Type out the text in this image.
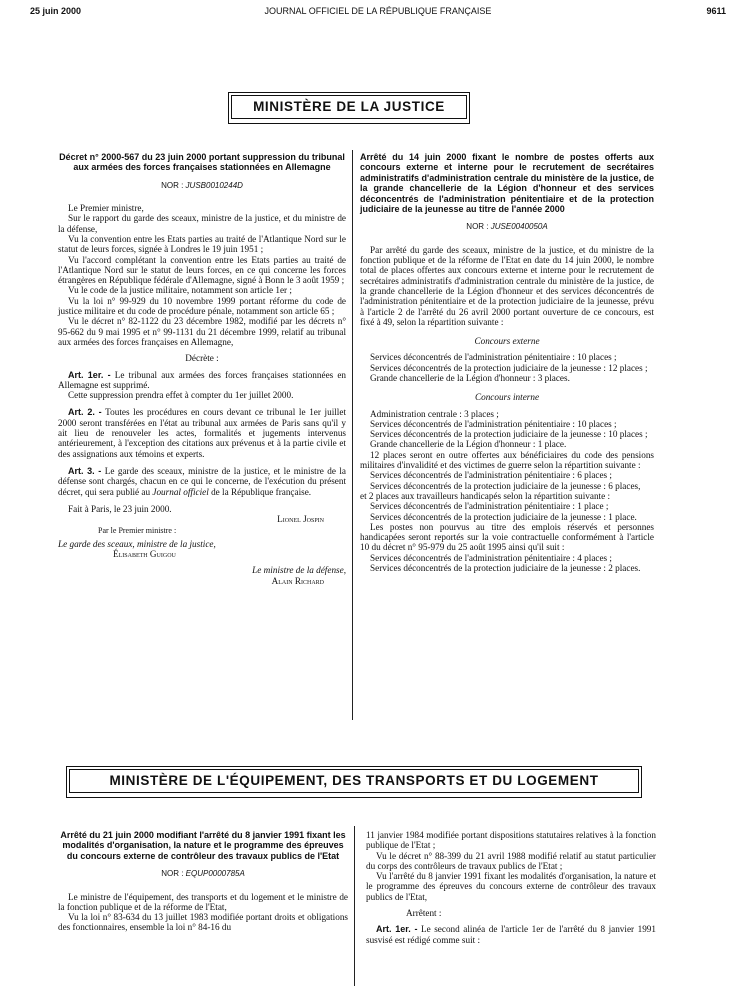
25 juin 2000	JOURNAL OFFICIEL DE LA RÉPUBLIQUE FRANÇAISE	9611
MINISTÈRE DE LA JUSTICE
Décret n° 2000-567 du 23 juin 2000 portant suppression du tribunal aux armées des forces françaises stationnées en Allemagne
NOR : JUSB0010244D

Le Premier ministre,

Sur le rapport du garde des sceaux, ministre de la justice, et du ministre de la défense,

Vu la convention entre les Etats parties au traité de l'Atlantique Nord sur le statut de leurs forces, signée à Londres le 19 juin 1951 ;

Vu l'accord complétant la convention entre les Etats parties au traité de l'Atlantique Nord sur le statut de leurs forces, en ce qui concerne les forces étrangères en République fédérale d'Allemagne, signé à Bonn le 3 août 1959 ;

Vu le code de la justice militaire, notamment son article 1er ;

Vu la loi n° 99-929 du 10 novembre 1999 portant réforme du code de justice militaire et du code de procédure pénale, notamment son article 65 ;

Vu le décret n° 82-1122 du 23 décembre 1982, modifié par les décrets n° 95-662 du 9 mai 1995 et n° 99-1131 du 21 décembre 1999, relatif au tribunal aux armées des forces françaises en Allemagne,

Décrète :

Art. 1er. - Le tribunal aux armées des forces françaises stationnées en Allemagne est supprimé.

Cette suppression prendra effet à compter du 1er juillet 2000.

Art. 2. - Toutes les procédures en cours devant ce tribunal le 1er juillet 2000 seront transférées en l'état au tribunal aux armées de Paris sans qu'il y ait lieu de renouveler les actes, formalités et jugements intervenus antérieurement, à l'exception des citations aux prévenus et à la partie civile et des assignations aux témoins et experts.

Art. 3. - Le garde des sceaux, ministre de la justice, et le ministre de la défense sont chargés, chacun en ce qui le concerne, de l'exécution du présent décret, qui sera publié au Journal officiel de la République française.

Fait à Paris, le 23 juin 2000.

Lionel Jospin

Par le Premier ministre :

Le garde des sceaux, ministre de la justice,

Élisabeth Guigou

Le ministre de la défense,

Alain Richard

Arrêté du 14 juin 2000 fixant le nombre de postes offerts aux concours externe et interne pour le recrutement de secrétaires administratifs d'administration centrale du ministère de la justice, de la grande chancellerie de la Légion d'honneur et des services déconcentrés de l'administration pénitentiaire et de la protection judiciaire de la jeunesse au titre de l'année 2000
NOR : JUSE0040050A

Par arrêté du garde des sceaux, ministre de la justice, et du ministre de la fonction publique et de la réforme de l'Etat en date du 14 juin 2000, le nombre total de places offertes aux concours externe et interne pour le recrutement de secrétaires administratifs d'administration centrale du ministère de la justice, de la grande chancellerie de la Légion d'honneur et des services déconcentrés de l'administration pénitentiaire et de la protection judiciaire de la jeunesse, prévu à l'article 2 de l'arrêté du 26 avril 2000 portant ouverture de ce concours, est fixé à 49, selon la répartition suivante :

Concours externe

Services déconcentrés de l'administration pénitentiaire : 10 places ;

Services déconcentrés de la protection judiciaire de la jeunesse : 12 places ;

Grande chancellerie de la Légion d'honneur : 3 places.

Concours interne

Administration centrale : 3 places ;

Services déconcentrés de l'administration pénitentiaire : 10 places ;

Services déconcentrés de la protection judiciaire de la jeunesse : 10 places ;

Grande chancellerie de la Légion d'honneur : 1 place.

12 places seront en outre offertes aux bénéficiaires du code des pensions militaires d'invalidité et des victimes de guerre selon la répartition suivante :

Services déconcentrés de l'administration pénitentiaire : 6 places ;

Services déconcentrés de la protection judiciaire de la jeunesse : 6 places,

et 2 places aux travailleurs handicapés selon la répartition suivante :

Services déconcentrés de l'administration pénitentiaire : 1 place ;

Services déconcentrés de la protection judiciaire de la jeunesse : 1 place.

Les postes non pourvus au titre des emplois réservés et personnes handicapées seront reportés sur la voie contractuelle conformément à l'article 10 du décret n° 95-979 du 25 août 1995 ainsi qu'il suit :

Services déconcentrés de l'administration pénitentiaire : 4 places ;

Services déconcentrés de la protection judiciaire de la jeunesse : 2 places.

MINISTÈRE DE L'ÉQUIPEMENT, DES TRANSPORTS ET DU LOGEMENT
Arrêté du 21 juin 2000 modifiant l'arrêté du 8 janvier 1991 fixant les modalités d'organisation, la nature et le programme des épreuves du concours externe de contrôleur des travaux publics de l'Etat
NOR : EQUP0000785A

Le ministre de l'équipement, des transports et du logement et le ministre de la fonction publique et de la réforme de l'Etat,

Vu la loi n° 83-634 du 13 juillet 1983 modifiée portant droits et obligations des fonctionnaires, ensemble la loi n° 84-16 du

11 janvier 1984 modifiée portant dispositions statutaires relatives à la fonction publique de l'Etat ;

Vu le décret n° 88-399 du 21 avril 1988 modifié relatif au statut particulier du corps des contrôleurs de travaux publics de l'Etat ;

Vu l'arrêté du 8 janvier 1991 fixant les modalités d'organisation, la nature et le programme des épreuves du concours externe de contrôleur des travaux publics de l'Etat,

Arrêtent :

Art. 1er. - Le second alinéa de l'article 1er de l'arrêté du 8 janvier 1991 susvisé est rédigé comme suit :
